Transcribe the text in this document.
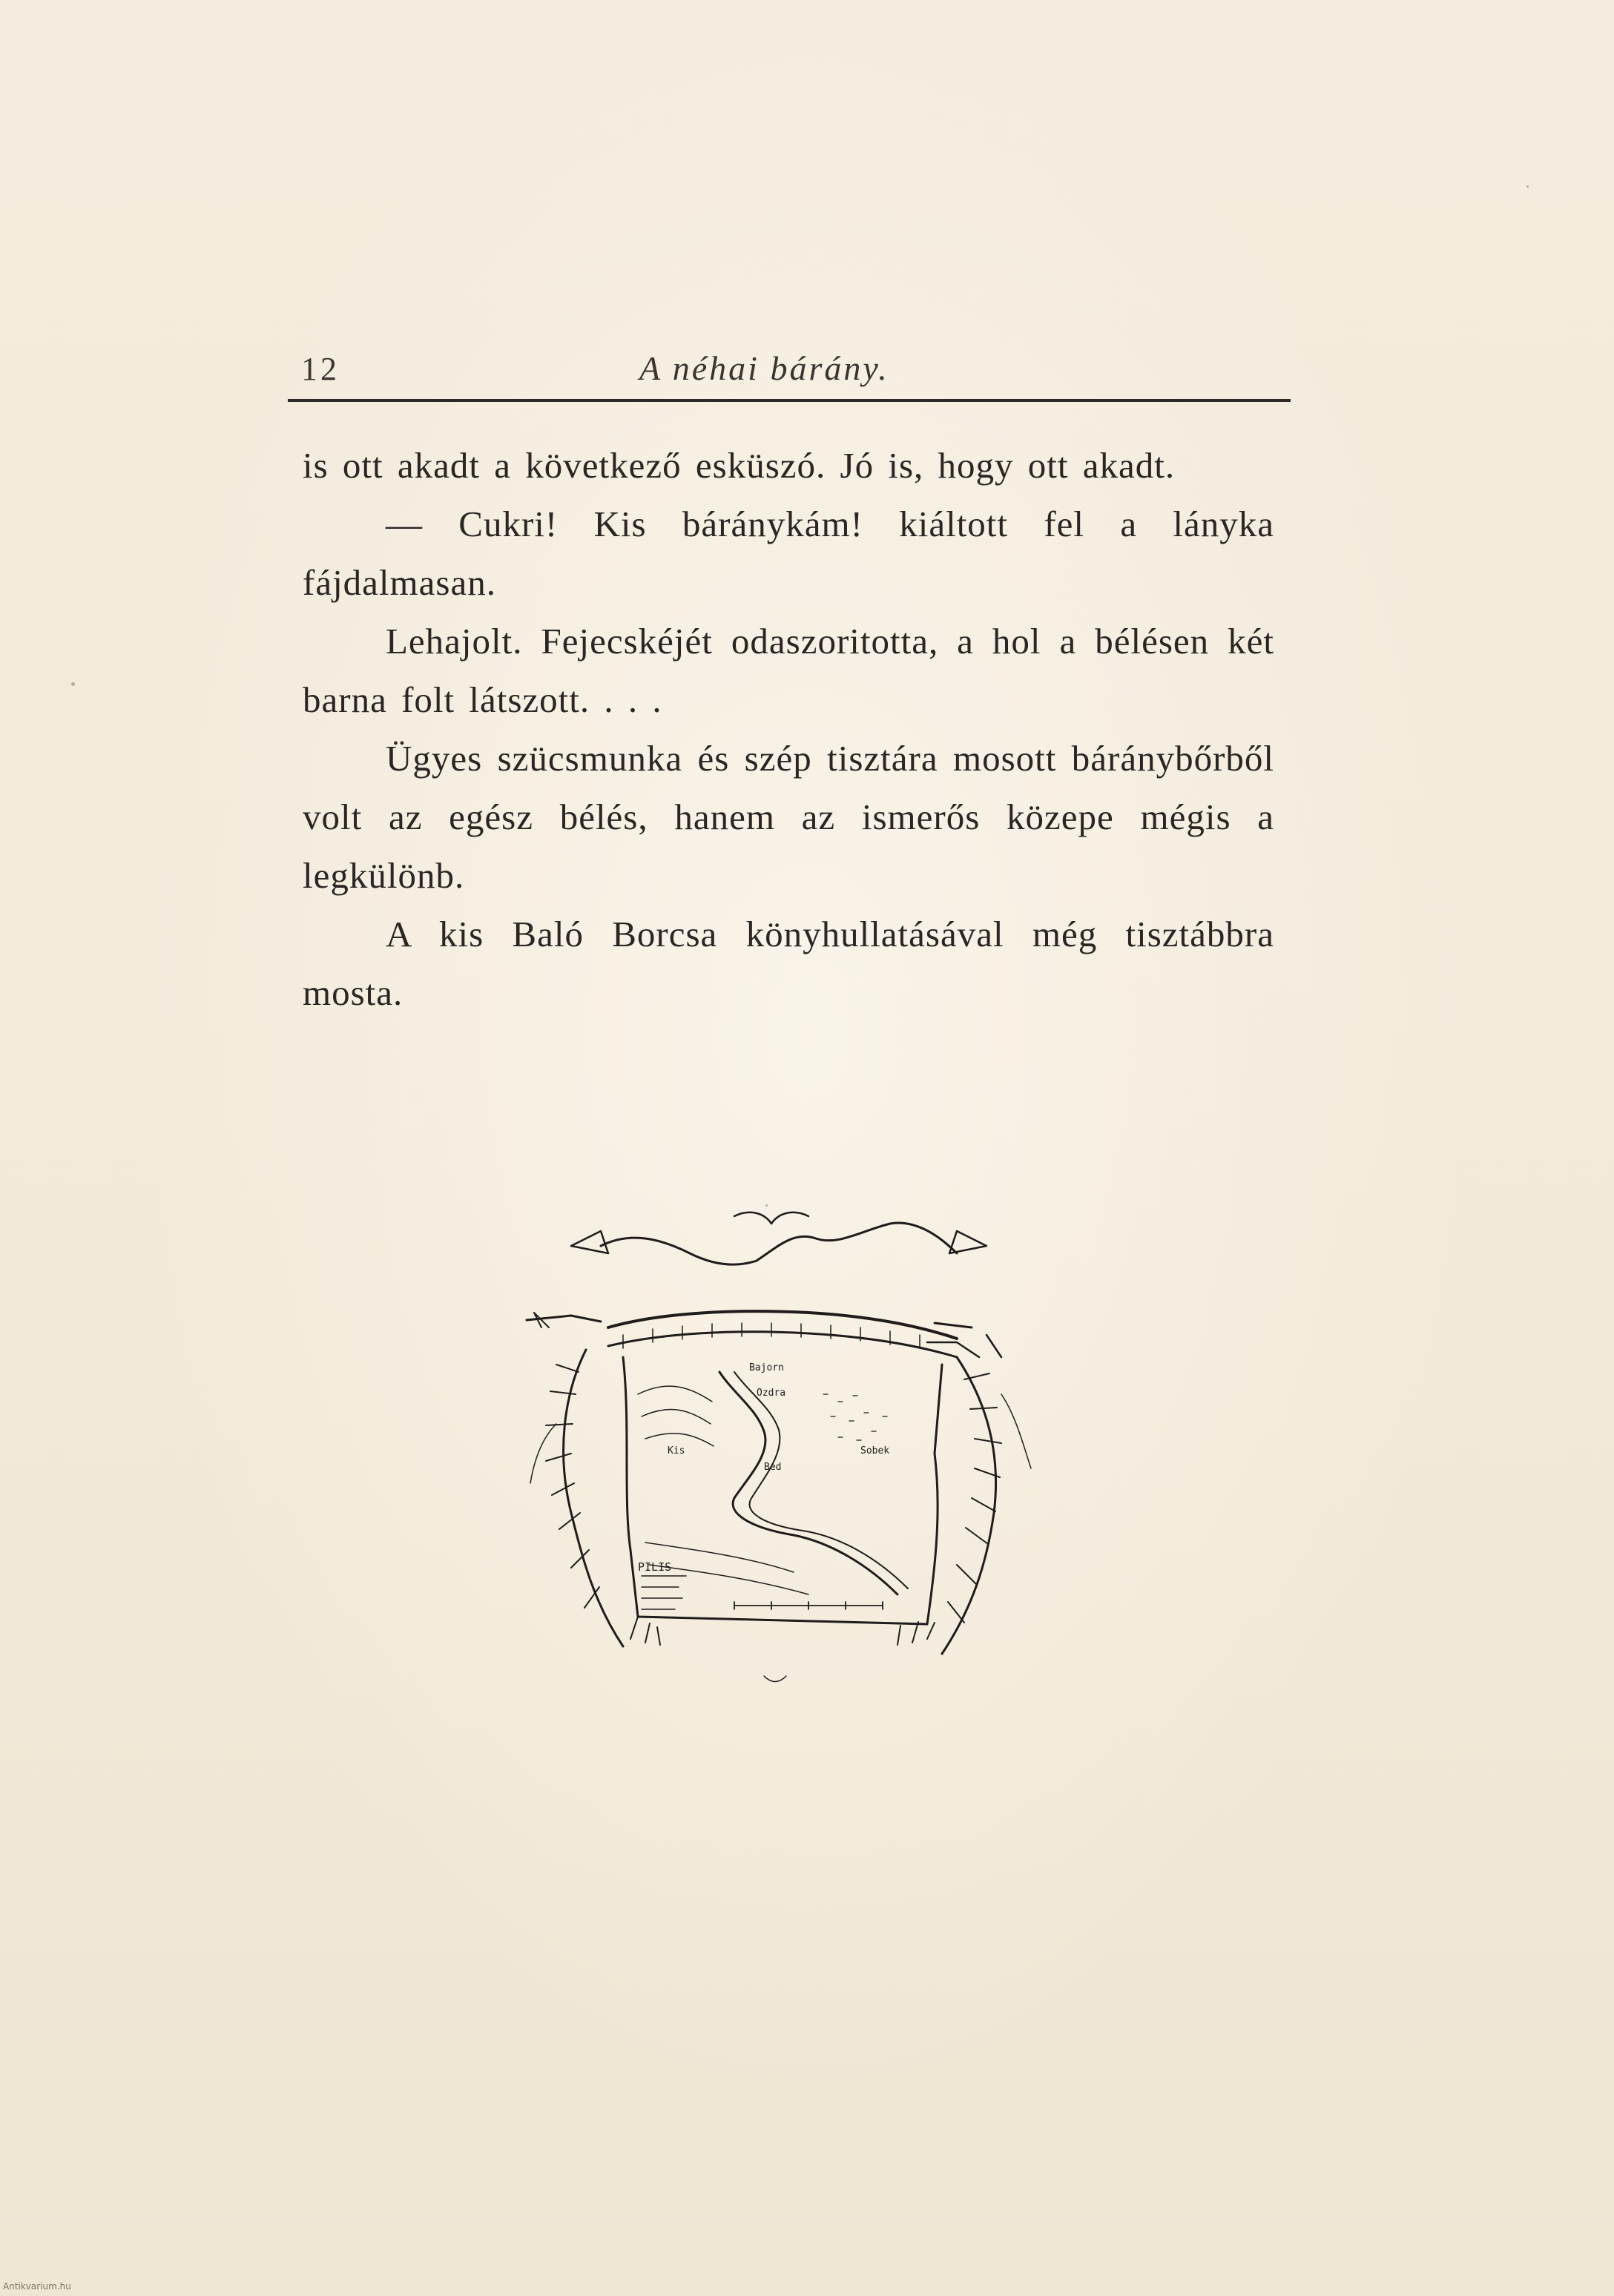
12	A néhai bárány.

is ott akadt a következő esküszó. Jó is, hogy ott akadt.

— Cukri! Kis báránykám! kiáltott fel a lányka fájdalmasan.

Lehajolt. Fejecskéjét odaszoritotta, a hol a bélésen két barna folt látszott. . . .

Ügyes szücsmunka és szép tisztára mosott báránybőrből volt az egész bélés, hanem az ismerős közepe mégis a legkülönb.

A kis Baló Borcsa könyhullatásával még tisztábbra mosta.

Bajorn
Ozdra
Béd
Kis	Sobek
PILIS
Antikvarium.hu
